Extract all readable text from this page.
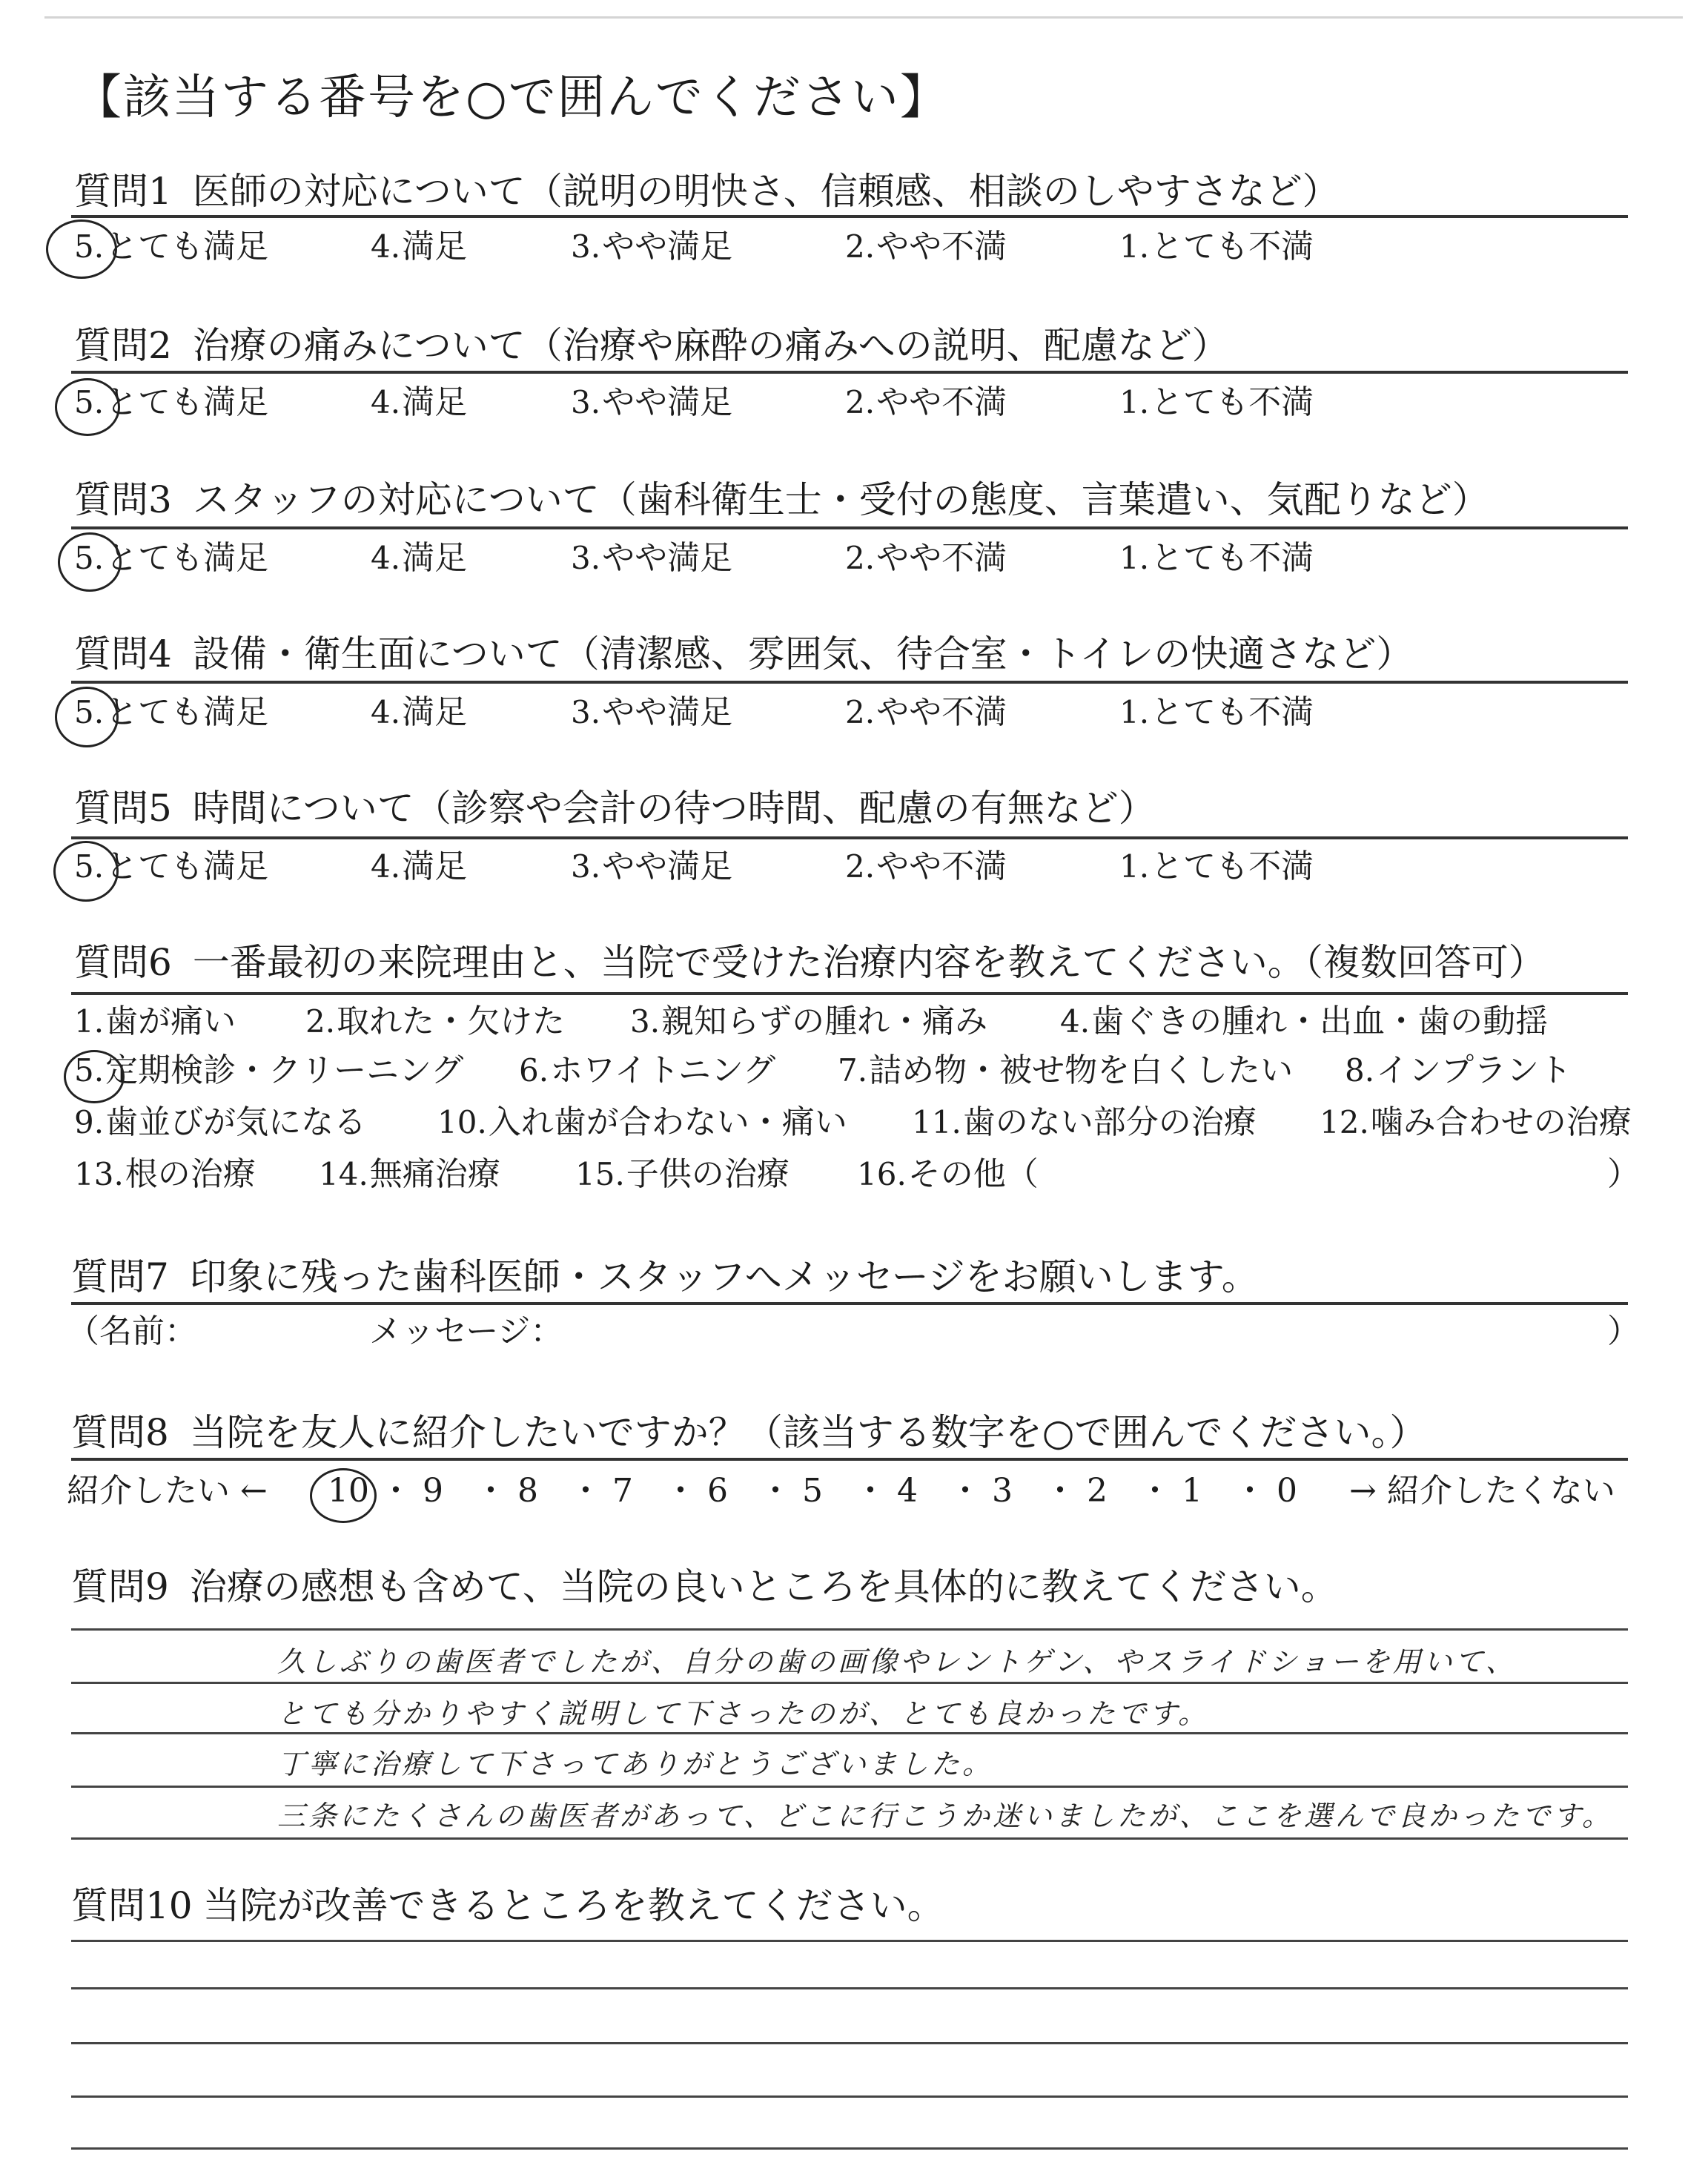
【該当する番号を○で囲んでください】
質問1 医師の対応について（説明の明快さ、信頼感、相談のしやすさなど）
5.とても満足	4.満足	3.やや満足	2.やや不満	1.とても不満
質問2 治療の痛みについて（治療や麻酔の痛みへの説明、配慮など）
5.とても満足	4.満足	3.やや満足	2.やや不満	1.とても不満
質問3 スタッフの対応について（歯科衛生士・受付の態度、言葉遣い、気配りなど）
5.とても満足	4.満足	3.やや満足	2.やや不満	1.とても不満
質問4 設備・衛生面について（清潔感、雰囲気、待合室・トイレの快適さなど）
5.とても満足	4.満足	3.やや満足	2.やや不満	1.とても不満
質問5 時間について（診察や会計の待つ時間、配慮の有無など）
5.とても満足	4.満足	3.やや満足	2.やや不満	1.とても不満
質問6 一番最初の来院理由と、当院で受けた治療内容を教えてください。（複数回答可）
1.歯が痛い 2.取れた・欠けた 3.親知らずの腫れ・痛み 4.歯ぐきの腫れ・出血・歯の動揺
5.定期検診・クリーニング 6.ホワイトニング 7.詰め物・被せ物を白くしたい 8.インプラント
9.歯並びが気になる 10.入れ歯が合わない・痛い 11.歯のない部分の治療 12.噛み合わせの治療
13.根の治療 14.無痛治療 15.子供の治療 16.その他（	）
質問7 印象に残った歯科医師・スタッフへメッセージをお願いします。
（名前：	メッセージ：	）
質問8 当院を友人に紹介したいですか？（該当する数字を○で囲んでください。）
紹介したい ← 10 ・ 9 ・ 8 ・ 7 ・ 6 ・ 5 ・ 4 ・ 3 ・ 2 ・ 1 ・ 0 → 紹介したくない
質問9 治療の感想も含めて、当院の良いところを具体的に教えてください。
久しぶりの歯医者でしたが、自分の歯の画像やレントゲン、やスライドショーを用いて、
とても分かりやすく説明して下さったのが、とても良かったです。
丁寧に治療して下さってありがとうございました。
三条にたくさんの歯医者があって、どこに行こうか迷いましたが、ここを選んで良かったです。
質問10 当院が改善できるところを教えてください。
